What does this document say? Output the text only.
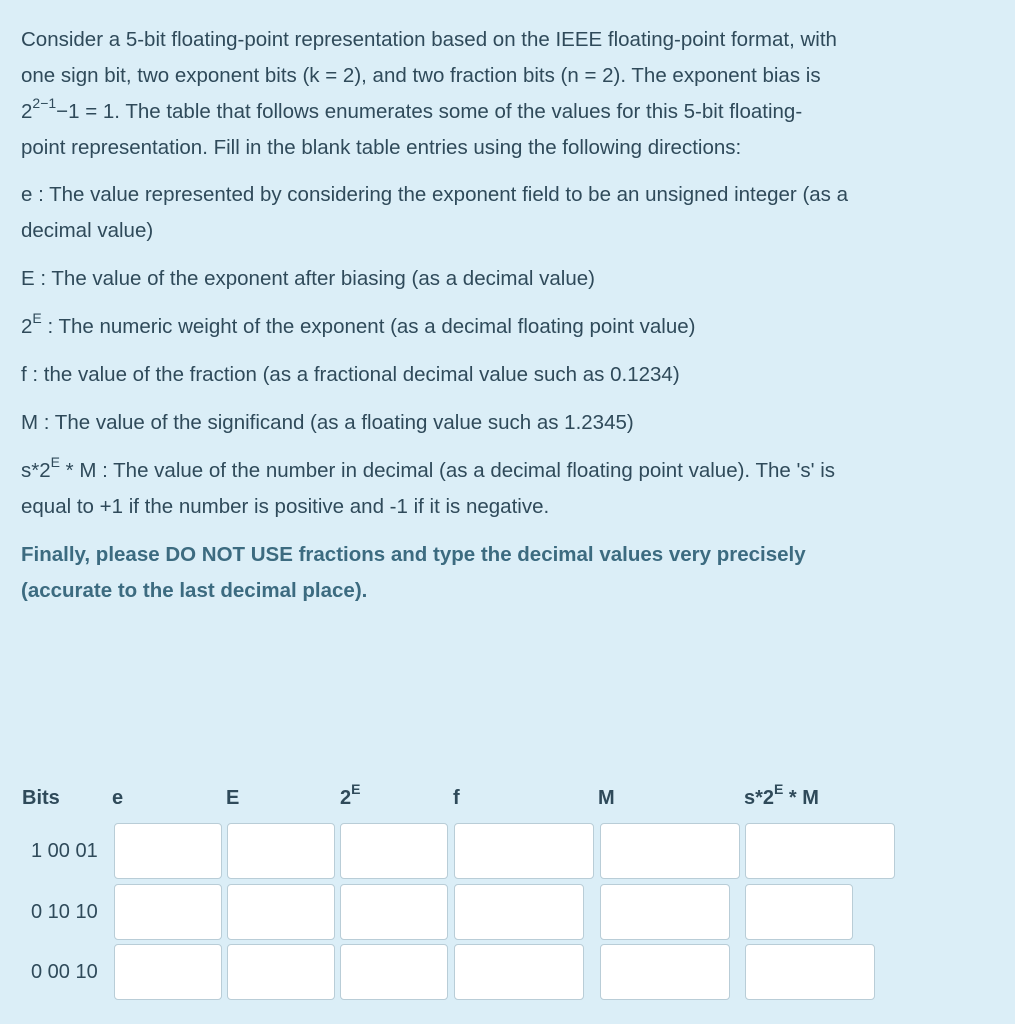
Consider a 5-bit floating-point representation based on the IEEE floating-point format, with

one sign bit, two exponent bits (k = 2), and two fraction bits (n = 2). The exponent bias is

$2^{2-1}-1 = 1$. The table that follows enumerates some of the values for this 5-bit floating-

point representation. Fill in the blank table entries using the following directions:

e : The value represented by considering the exponent field to be an unsigned integer (as a

decimal value)

E : The value of the exponent after biasing (as a decimal value)

$2^E$ : The numeric weight of the exponent (as a decimal floating point value)

f : the value of the fraction (as a fractional decimal value such as 0.1234)

M : The value of the significand (as a floating value such as 1.2345)

$s*2^E$ * M : The value of the number in decimal (as a decimal floating point value). The 's' is

equal to +1 if the number is positive and -1 if it is negative.

Finally, please DO NOT USE fractions and type the decimal values very precisely

(accurate to the last decimal place).

Bits	e	E	$2^E$	f	M	$s*2^E$ * M
1 00 01
0 10 10
0 00 10
